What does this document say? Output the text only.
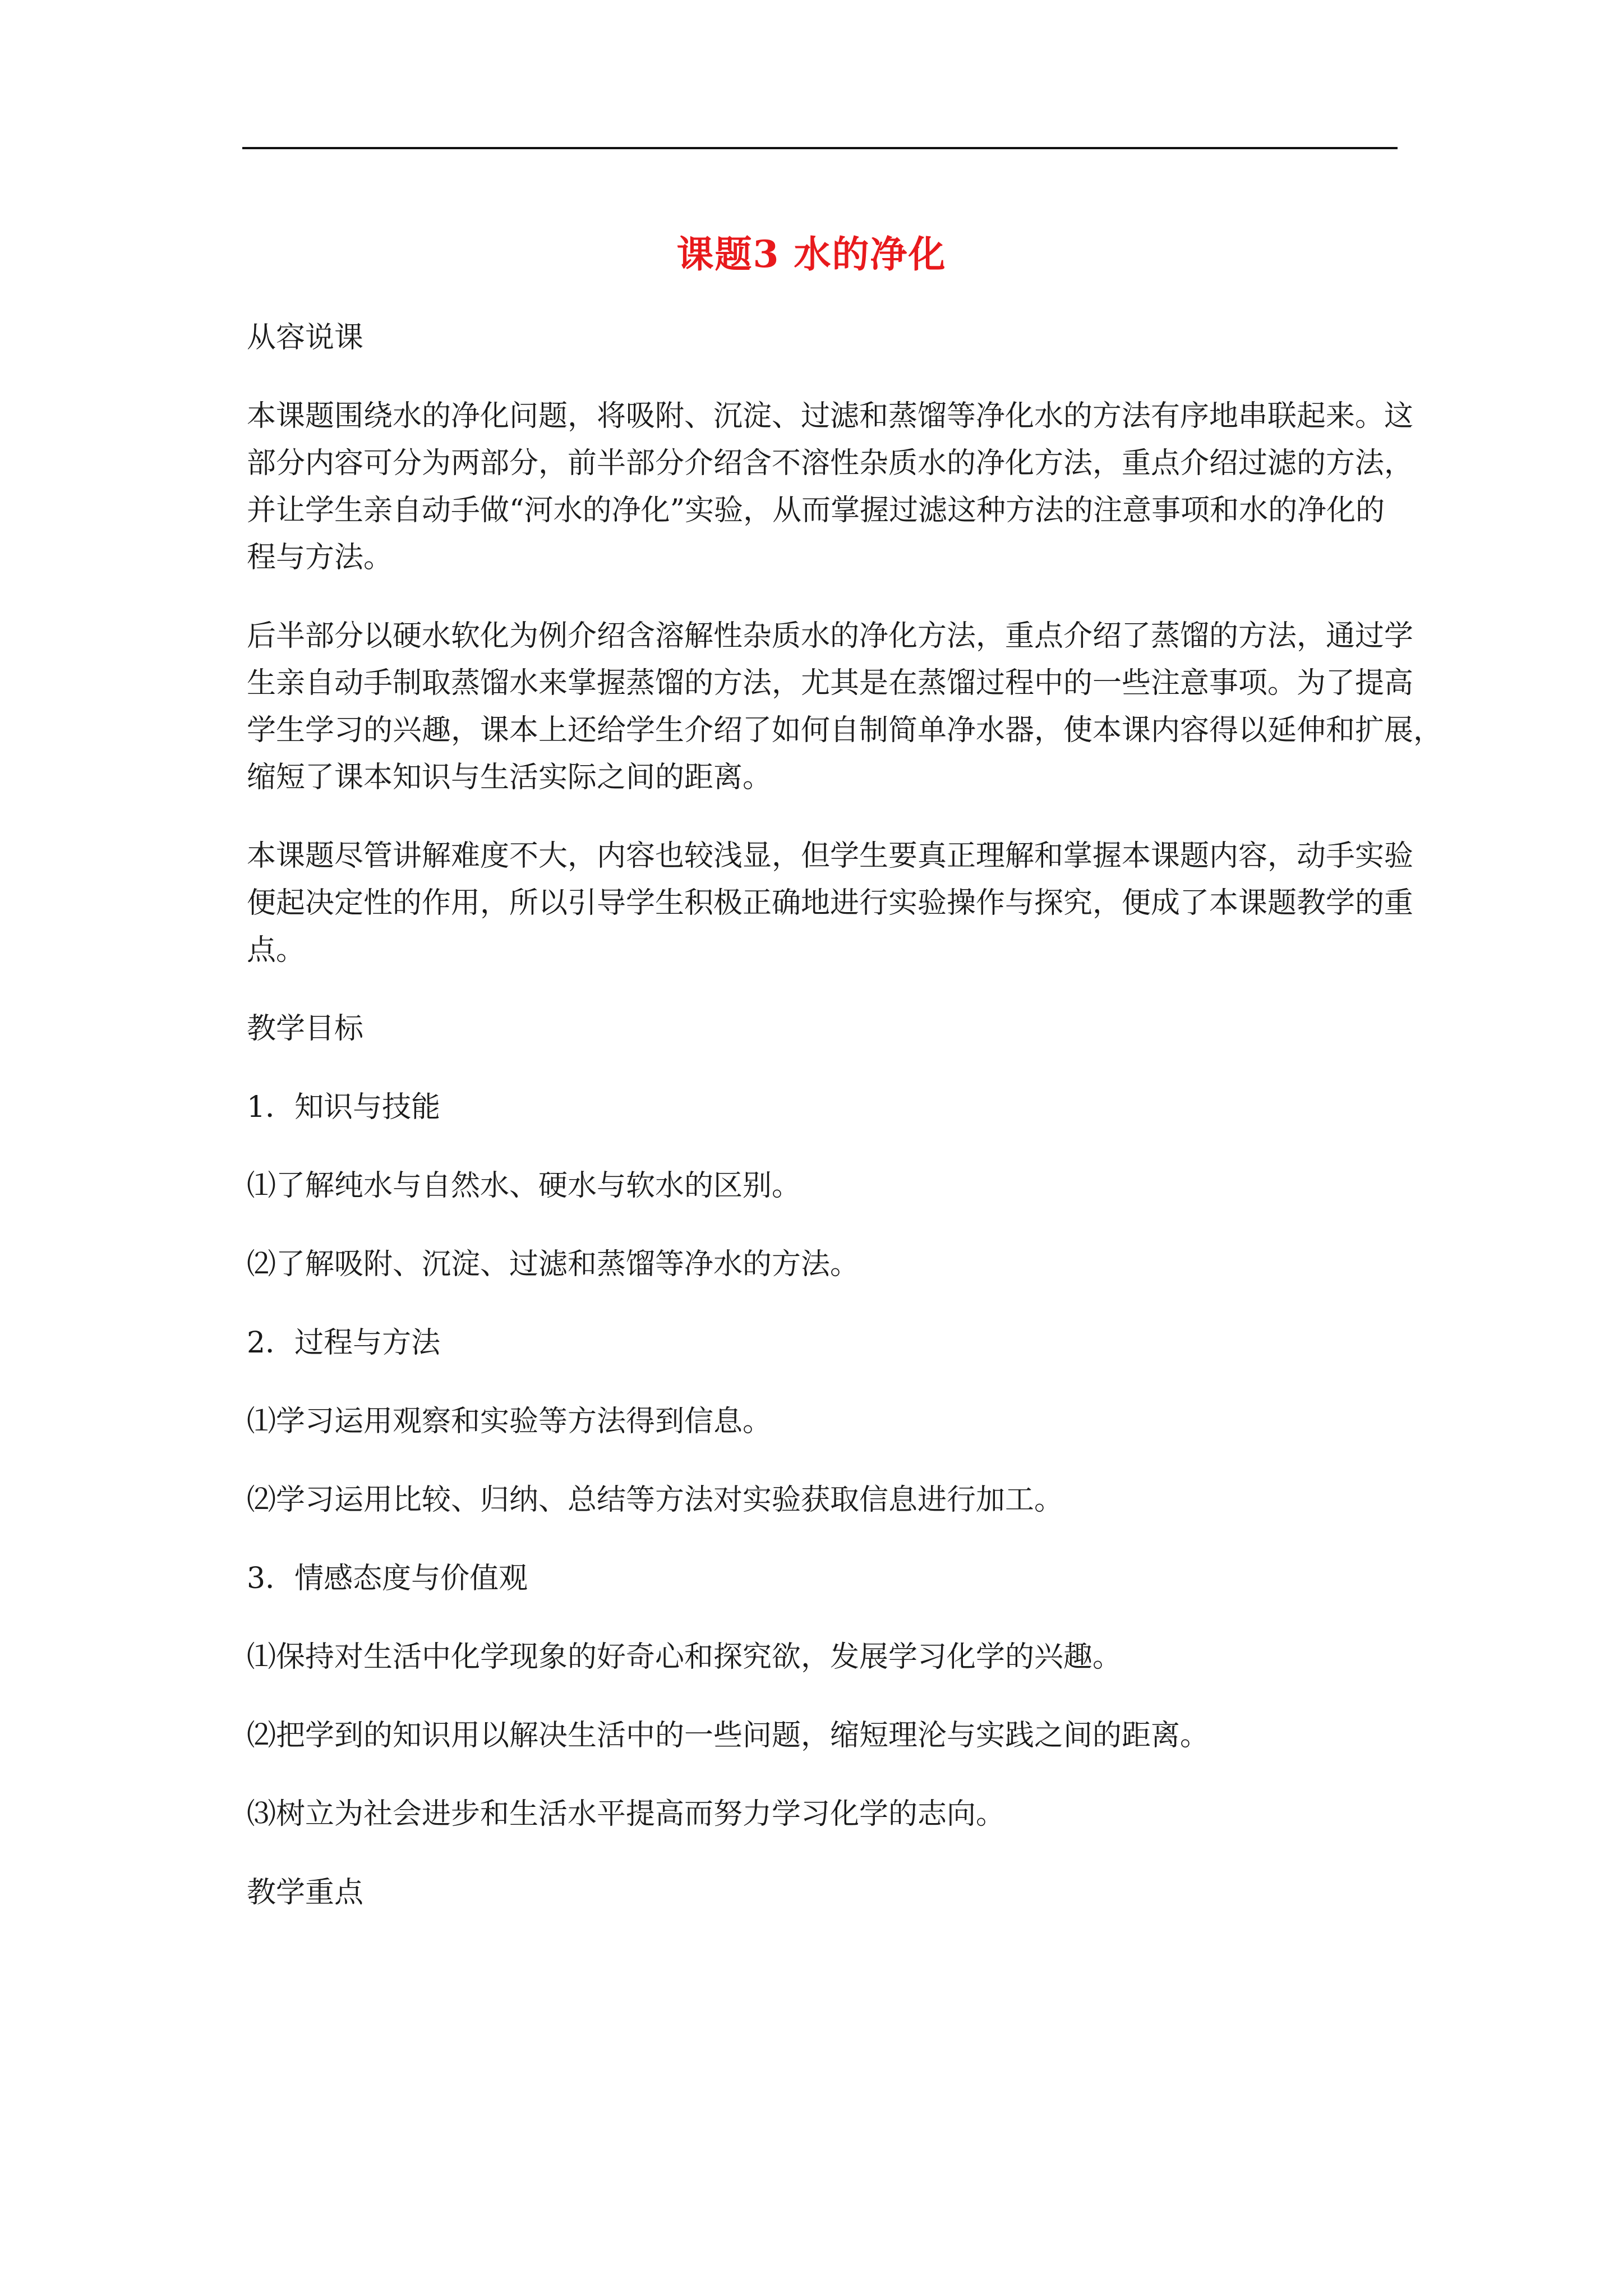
课题3 水的净化

从容说课

本课题围绕水的净化问题，将吸附、沉淀、过滤和蒸馏等净化水的方法有序地串联起来。这

部分内容可分为两部分，前半部分介绍含不溶性杂质水的净化方法，重点介绍过滤的方法，

并让学生亲自动手做“河水的净化”实验，从而掌握过滤这种方法的注意事项和水的净化的

程与方法。

后半部分以硬水软化为例介绍含溶解性杂质水的净化方法，重点介绍了蒸馏的方法，通过学

生亲自动手制取蒸馏水来掌握蒸馏的方法，尤其是在蒸馏过程中的一些注意事项。为了提高

学生学习的兴趣，课本上还给学生介绍了如何自制简单净水器，使本课内容得以延伸和扩展，

缩短了课本知识与生活实际之间的距离。

本课题尽管讲解难度不大，内容也较浅显，但学生要真正理解和掌握本课题内容，动手实验

便起决定性的作用，所以引导学生积极正确地进行实验操作与探究，便成了本课题教学的重

点。

教学目标

1．知识与技能

⑴了解纯水与自然水、硬水与软水的区别。

⑵了解吸附、沉淀、过滤和蒸馏等净水的方法。

2．过程与方法

⑴学习运用观察和实验等方法得到信息。

⑵学习运用比较、归纳、总结等方法对实验获取信息进行加工。

3．情感态度与价值观

⑴保持对生活中化学现象的好奇心和探究欲，发展学习化学的兴趣。

⑵把学到的知识用以解决生活中的一些问题，缩短理沦与实践之间的距离。

⑶树立为社会进步和生活水平提高而努力学习化学的志向。

教学重点
